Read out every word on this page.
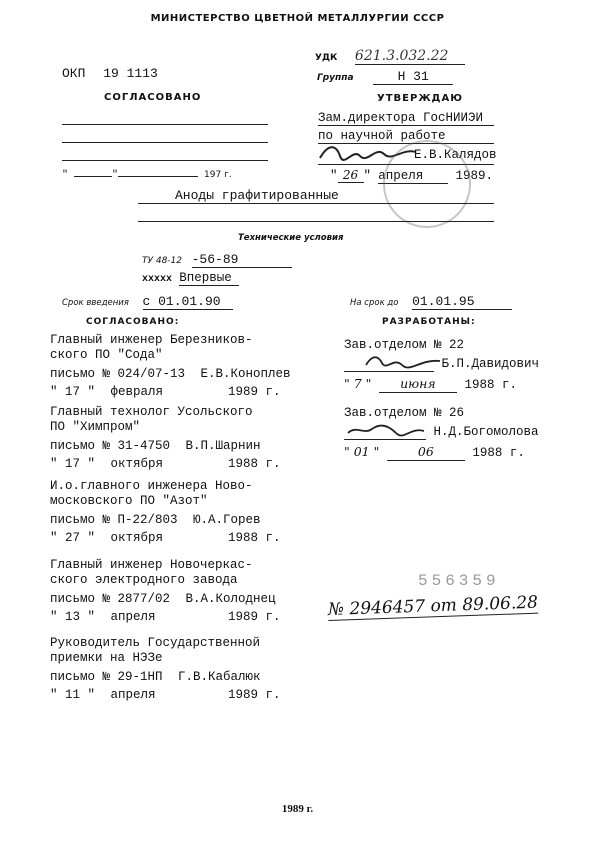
МИНИСТЕРСТВО ЦВЕТНОЙ МЕТАЛЛУРГИИ СССР
ОКП 19 1113
УДК 621.3.032.22
Группа	Н 31
СОГЛАСОВАНО
"	"	197 г.
УТВЕРЖДАЮ
Зам.директора ГосНИИЭИ
по научной работе
Е.В.Калядов
" 26 " апреля	1989.
Аноды графитированные
Технические условия
ТУ 48-12 -56-89
xxxxx Впервые
Срок введения с 01.01.90	На срок до 01.01.95
СОГЛАСОВАНО:
Главный инженер Березников-
ского ПО "Сода"
письмо № 024/07-13 Е.В.Коноплев
" 17 " февраля	1989 г.
Главный технолог Усольского
ПО "Химпром"
письмо № 31-4750 В.П.Шарнин
" 17 " октября	1988 г.
И.о.главного инженера Ново-
московского ПО "Азот"
письмо № П-22/803 Ю.А.Горев
" 27 " октября	1988 г.
Главный инженер Новочеркас-
ского электродного завода
письмо № 2877/02 В.А.Колоднец
" 13 " апреля	1989 г.
Руководитель Государственной
приемки на НЭЗе
письмо № 29-1НП Г.В.Кабалюк
" 11 " апреля	1989 г.
РАЗРАБОТАНЫ:
Зав.отделом № 22
Б.П.Давидович
" 7 " июня 1988 г.
Зав.отделом № 26
Н.Д.Богомолова
" 01 "	06	1988 г.
556359
№ 2946457 от 89.06.28
1989 г.
